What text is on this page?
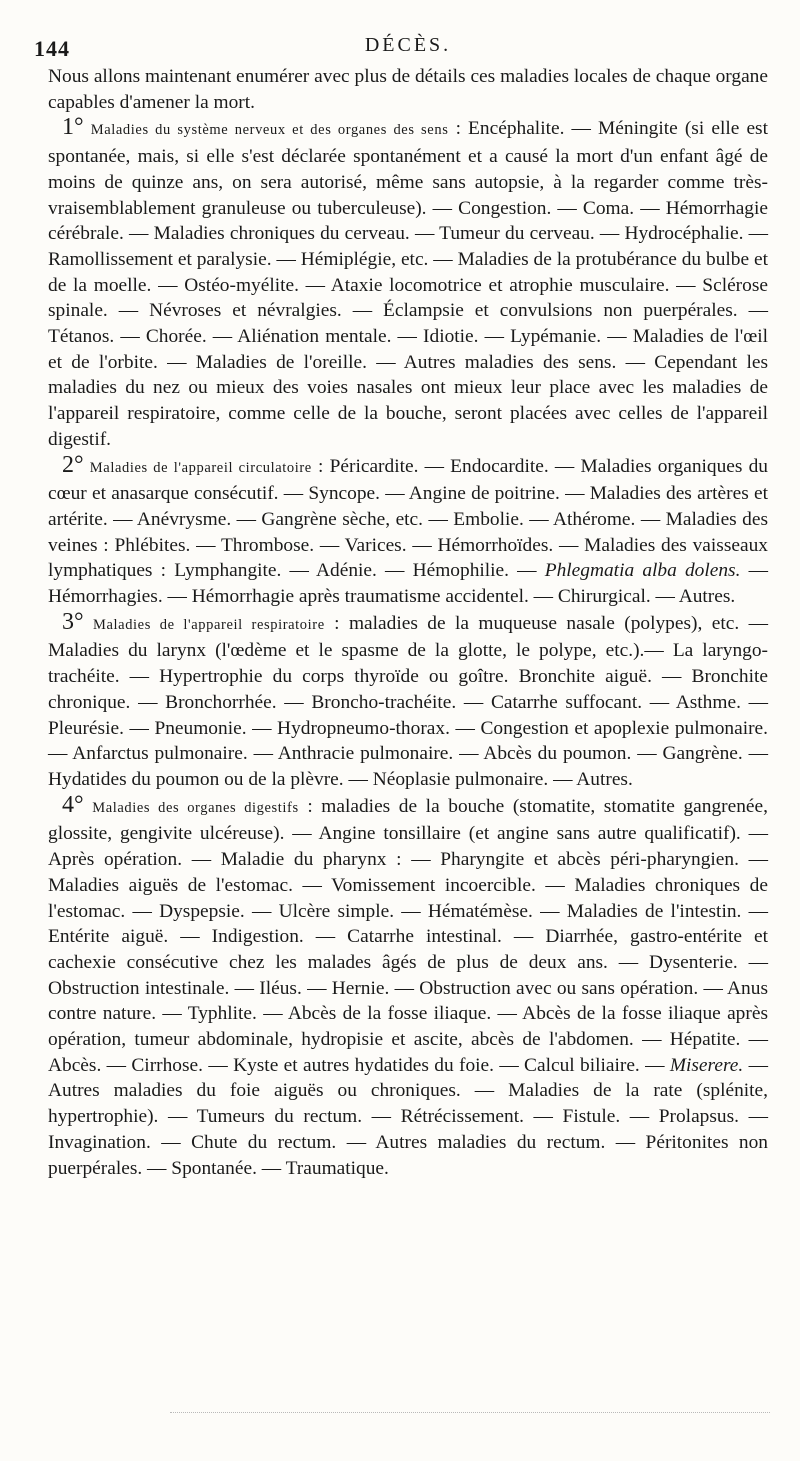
144	DÉCÈS.

Nous allons maintenant enumérer avec plus de détails ces maladies locales de chaque organe capables d'amener la mort.

1° Maladies du système nerveux et des organes des sens : Encéphalite. — Méningite (si elle est spontanée, mais, si elle s'est déclarée spontanément et a causé la mort d'un enfant âgé de moins de quinze ans, on sera autorisé, même sans autopsie, à la regarder comme très-vraisemblablement granuleuse ou tuberculeuse). — Congestion. — Coma. — Hémorrhagie cérébrale. — Maladies chroniques du cerveau. — Tumeur du cerveau. — Hydrocéphalie. — Ramollissement et paralysie. — Hémiplégie, etc. — Maladies de la protubérance du bulbe et de la moelle. — Ostéo-myélite. — Ataxie locomotrice et atrophie musculaire. — Sclérose spinale. — Névroses et névralgies. — Éclampsie et convulsions non puerpérales. — Tétanos. — Chorée. — Aliénation mentale. — Idiotie. — Lypémanie. — Maladies de l'œil et de l'orbite. — Maladies de l'oreille. — Autres maladies des sens. — Cependant les maladies du nez ou mieux des voies nasales ont mieux leur place avec les maladies de l'appareil respiratoire, comme celle de la bouche, seront placées avec celles de l'appareil digestif.

2° Maladies de l'appareil circulatoire : Péricardite. — Endocardite. — Maladies organiques du cœur et anasarque consécutif. — Syncope. — Angine de poitrine. — Maladies des artères et artérite. — Anévrysme. — Gangrène sèche, etc. — Embolie. — Athérome. — Maladies des veines : Phlébites. — Thrombose. — Varices. — Hémorrhoïdes. — Maladies des vaisseaux lymphatiques : Lymphangite. — Adénie. — Hémophilie. — Phlegmatia alba dolens. — Hémorrhagies. — Hémorrhagie après traumatisme accidentel. — Chirurgical. — Autres.

3° Maladies de l'appareil respiratoire : maladies de la muqueuse nasale (polypes), etc. — Maladies du larynx (l'œdème et le spasme de la glotte, le polype, etc.).— La laryngo-trachéite. — Hypertrophie du corps thyroïde ou goître. Bronchite aiguë. — Bronchite chronique. — Bronchorrhée. — Broncho-trachéite. — Catarrhe suffocant. — Asthme. — Pleurésie. — Pneumonie. — Hydropneumo-thorax. — Congestion et apoplexie pulmonaire. — Anfarctus pulmonaire. — Anthracie pulmonaire. — Abcès du poumon. — Gangrène. — Hydatides du poumon ou de la plèvre. — Néoplasie pulmonaire. — Autres.

4° Maladies des organes digestifs : maladies de la bouche (stomatite, stomatite gangrenée, glossite, gengivite ulcéreuse). — Angine tonsillaire (et angine sans autre qualificatif). — Après opération. — Maladie du pharynx : — Pharyngite et abcès péri-pharyngien. — Maladies aiguës de l'estomac. — Vomissement incoercible. — Maladies chroniques de l'estomac. — Dyspepsie. — Ulcère simple. — Hématémèse. — Maladies de l'intestin. — Entérite aiguë. — Indigestion. — Catarrhe intestinal. — Diarrhée, gastro-entérite et cachexie consécutive chez les malades âgés de plus de deux ans. — Dysenterie. — Obstruction intestinale. — Iléus. — Hernie. — Obstruction avec ou sans opération. — Anus contre nature. — Typhlite. — Abcès de la fosse iliaque. — Abcès de la fosse iliaque après opération, tumeur abdominale, hydropisie et ascite, abcès de l'abdomen. — Hépatite. — Abcès. — Cirrhose. — Kyste et autres hydatides du foie. — Calcul biliaire. — Miserere. — Autres maladies du foie aiguës ou chroniques. — Maladies de la rate (splénite, hypertrophie). — Tumeurs du rectum. — Rétrécissement. — Fistule. — Prolapsus. — Invagination. — Chute du rectum. — Autres maladies du rectum. — Péritonites non puerpérales. — Spontanée. — Traumatique.
